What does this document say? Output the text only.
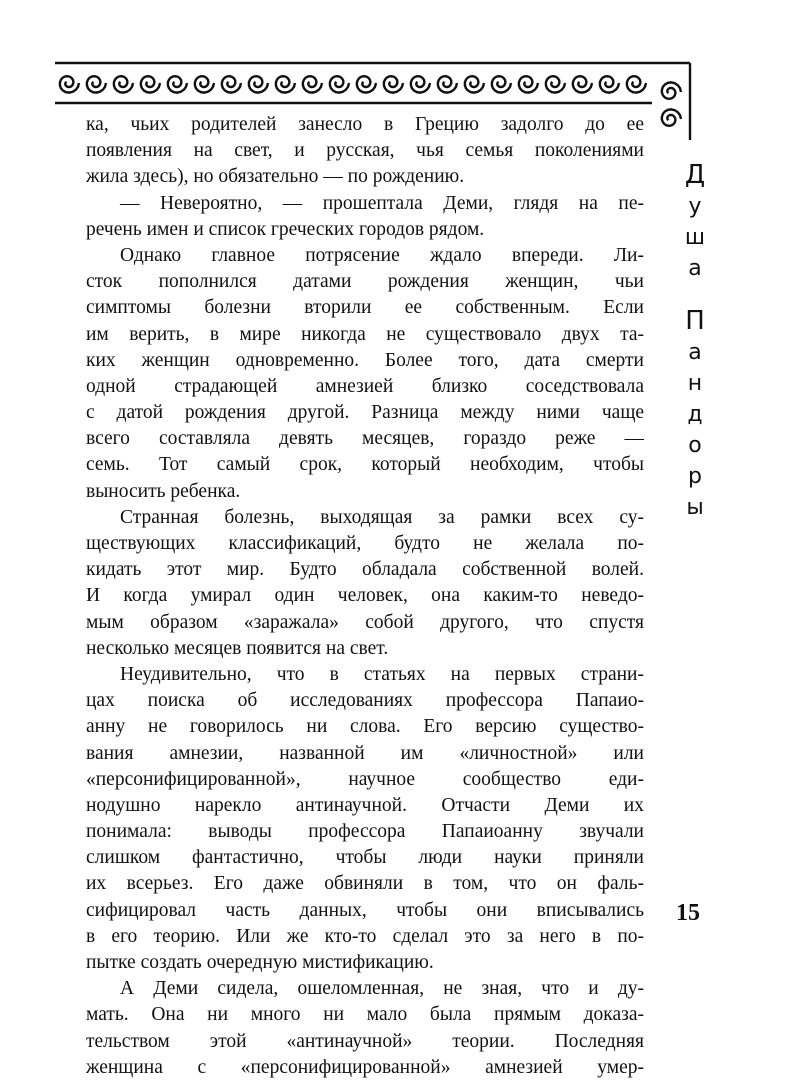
ка, чьих родителей занесло в Грецию задолго до ее
появления на свет, и русская, чья семья поколениями
жила здесь), но обязательно — по рождению.
— Невероятно, — прошептала Деми, глядя на пе-
речень имен и список греческих городов рядом.
Однако главное потрясение ждало впереди. Ли-
сток пополнился датами рождения женщин, чьи
симптомы болезни вторили ее собственным. Если
им верить, в мире никогда не существовало двух та-
ких женщин одновременно. Более того, дата смерти
одной страдающей амнезией близко соседствовала
с датой рождения другой. Разница между ними чаще
всего составляла девять месяцев, гораздо реже —
семь. Тот самый срок, который необходим, чтобы
выносить ребенка.
Странная болезнь, выходящая за рамки всех су-
ществующих классификаций, будто не желала по-
кидать этот мир. Будто обладала собственной волей.
И когда умирал один человек, она каким-то неведо-
мым образом «заражала» собой другого, что спустя
несколько месяцев появится на свет.
Неудивительно, что в статьях на первых страни-
цах поиска об исследованиях профессора Папаио-
анну не говорилось ни слова. Его версию существо-
вания амнезии, названной им «личностной» или
«персонифицированной», научное сообщество еди-
нодушно нарекло антинаучной. Отчасти Деми их
понимала: выводы профессора Папаиоанну звучали
слишком фантастично, чтобы люди науки приняли
их всерьез. Его даже обвиняли в том, что он фаль-
сифицировал часть данных, чтобы они вписывались
в его теорию. Или же кто-то сделал это за него в по-
пытке создать очередную мистификацию.
А Деми сидела, ошеломленная, не зная, что и ду-
мать. Она ни много ни мало была прямым доказа-
тельством этой «антинаучной» теории. Последняя
женщина с «персонифицированной» амнезией умер-
Д
у
ш
а
П
а
н
д
о
р
ы
15
